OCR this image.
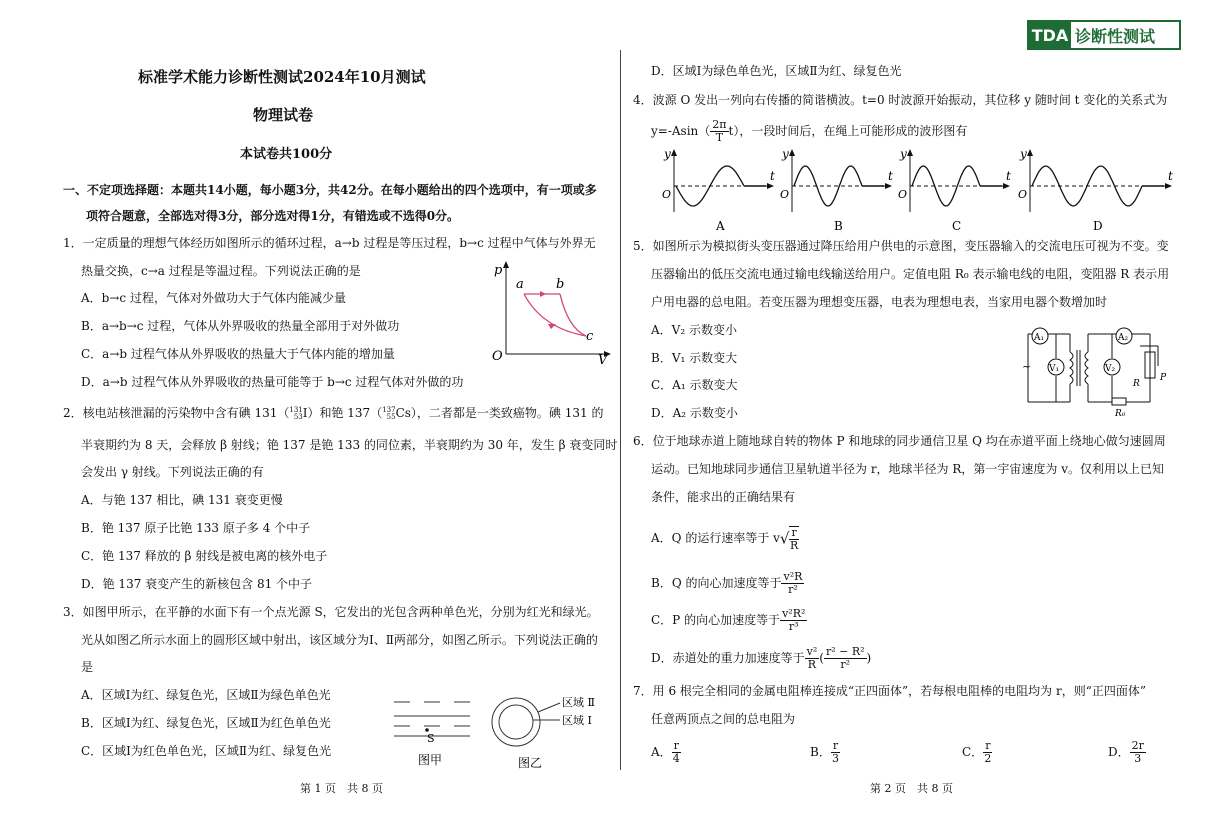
TDA 诊断性测试
标准学术能力诊断性测试2024年10月测试
物理试卷
本试卷共100分
一、不定项选择题：本题共14小题，每小题3分，共42分。在每小题给出的四个选项中，有一项或多
项符合题意，全部选对得3分，部分选对得1分，有错选或不选得0分。
1．一定质量的理想气体经历如图所示的循环过程，a→b 过程是等压过程，b→c 过程中气体与外界无
热量交换，c→a 过程是等温过程。下列说法正确的是
A．b→c 过程，气体对外做功大于气体内能减少量
B．a→b→c 过程，气体从外界吸收的热量全部用于对外做功
C．a→b 过程气体从外界吸收的热量大于气体内能的增加量
D．a→b 过程气体从外界吸收的热量可能等于 b→c 过程气体对外做的功
p
O	V
a b
c
2．核电站核泄漏的污染物中含有碘 131（ 131
53 I）和铯 137（ 137
55 Cs），二者都是一类致癌物。碘 131 的
半衰期约为 8 天，会释放 β 射线；铯 137 是铯 133 的同位素，半衰期约为 30 年，发生 β 衰变同时
会发出 γ 射线。下列说法正确的有
A．与铯 137 相比，碘 131 衰变更慢
B．铯 137 原子比铯 133 原子多 4 个中子
C．铯 137 释放的 β 射线是被电离的核外电子
D．铯 137 衰变产生的新核包含 81 个中子
3．如图甲所示，在平静的水面下有一个点光源 S，它发出的光包含两种单色光，分别为红光和绿光。
光从如图乙所示水面上的圆形区域中射出，该区域分为Ⅰ、Ⅱ两部分，如图乙所示。下列说法正确的
是
A．区域Ⅰ为红、绿复色光，区域Ⅱ为绿色单色光
B．区域Ⅰ为红、绿复色光，区域Ⅱ为红色单色光
C．区域Ⅰ为红色单色光，区域Ⅱ为红、绿复色光
S
图甲
区域 Ⅱ
区域 Ⅰ
图乙
第 1 页　共 8 页
D．区域Ⅰ为绿色单色光，区域Ⅱ为红、绿复色光
4．波源 O 发出一列向右传播的简谐横波。t=0 时波源开始振动，其位移 y 随时间 t 变化的关系式为
$y=-Asin( \frac{2\pi}{T} t)$，一段时间后，在绳上可能形成的波形图有
y
t
O
A
y
t
O
B
y
t
O
C
y
t
O
D
5．如图所示为模拟街头变压器通过降压给用户供电的示意图，变压器输入的交流电压可视为不变。变
压器输出的低压交流电通过输电线输送给用户。定值电阻 R₀ 表示输电线的电阻，变阻器 R 表示用
户用电器的总电阻。若变压器为理想变压器，电表为理想电表，当家用电器个数增加时
A．V₂ 示数变小
B．V₁ 示数变大
C．A₁ 示数变大
D．A₂ 示数变小
A₁
V₁	V₂
A₂
~
R
P
R₀
6．位于地球赤道上随地球自转的物体 P 和地球的同步通信卫星 Q 均在赤道平面上绕地心做匀速圆周
运动。已知地球同步通信卫星轨道半径为 r，地球半径为 R，第一宇宙速度为 v。仅利用以上已知
条件，能求出的正确结果有
A．Q 的运行速率等于 $v√ \frac{r}{R}$
B．Q 的向心加速度等于 $\frac{\text{v²R}}{\text{r²}}$
C．P 的向心加速度等于 $\frac{\text{v²R²}}{\text{r³}}$
D．赤道处的重力加速度等于 $\frac{\text{v²}}{R}$ ( $\frac{\text{r² − R²}}{\text{r²}}$ )
7．用 6 根完全相同的金属电阻棒连接成“正四面体”，若每根电阻棒的电阻均为 r，则“正四面体”
任意两顶点之间的总电阻为
A． $\frac{r}{4}$	B． $\frac{r}{3}$	C． $\frac{r}{2}$	D． $\frac{2r}{3}$
第 2 页　共 8 页
